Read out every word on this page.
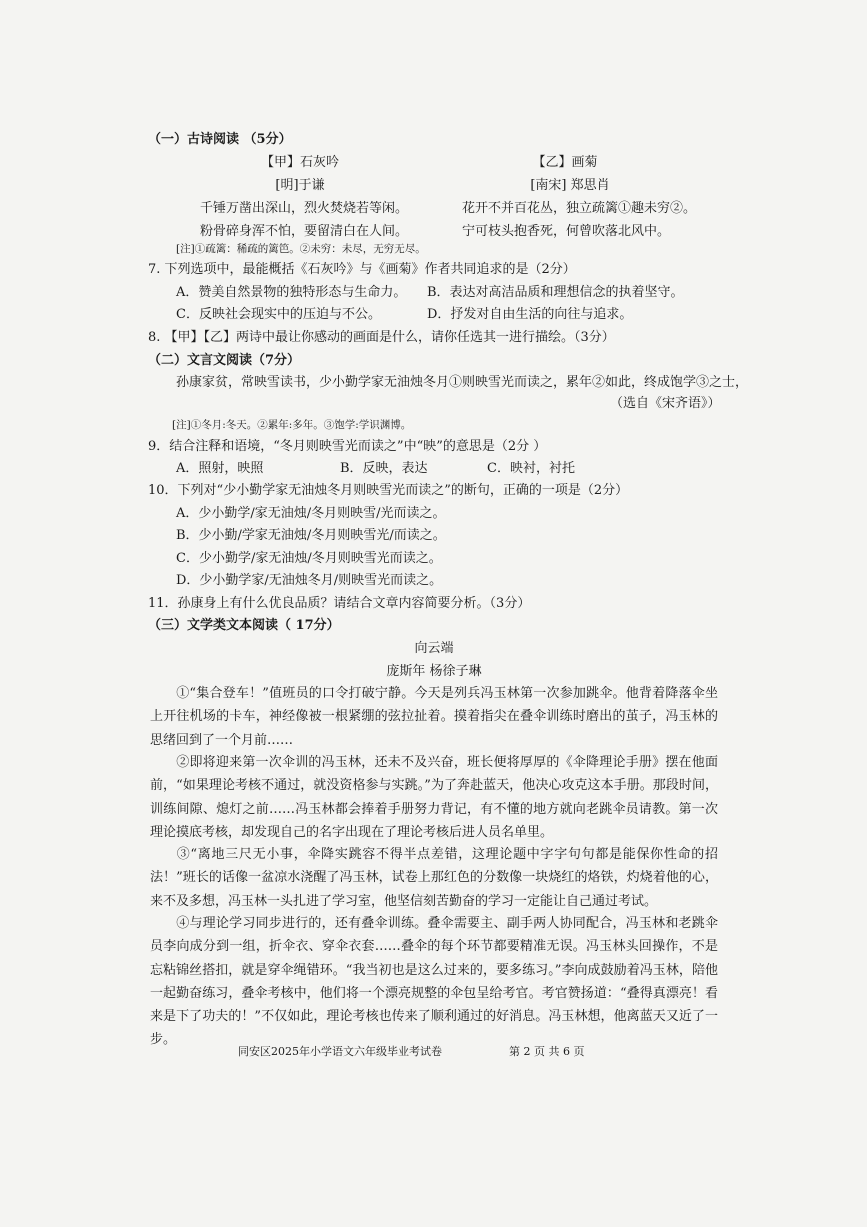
（一）古诗阅读 （5分）
【甲】石灰吟
[明]于谦
千锤万凿出深山，烈火焚烧若等闲。
粉骨碎身浑不怕，要留清白在人间。
【乙】画菊
[南宋] 郑思肖
花开不并百花丛，独立疏篱①趣未穷②。
宁可枝头抱香死，何曾吹落北风中。
[注]①疏篱：稀疏的篱笆。②未穷：未尽，无穷无尽。
7. 下列选项中，最能概括《石灰吟》与《画菊》作者共同追求的是（2分）
A．赞美自然景物的独特形态与生命力。 B．表达对高洁品质和理想信念的执着坚守。
C．反映社会现实中的压迫与不公。	D．抒发对自由生活的向往与追求。
8. 【甲】【乙】两诗中最让你感动的画面是什么，请你任选其一进行描绘。（3分）
（二）文言文阅读（7分）
孙康家贫，常映雪读书，少小勤学家无油烛冬月①则映雪光而读之，累年②如此，终成饱学③之士，
（选自《宋齐语》）
[注]①冬月:冬天。②累年:多年。③饱学:学识渊博。
9．结合注释和语境，“冬月则映雪光而读之”中“映”的意思是（2分 ）
A．照射，映照	B．反映，表达	C．映衬，衬托
10．下列对“少小勤学家无油烛冬月则映雪光而读之”的断句，正确的一项是（2分）
A．少小勤学/家无油烛/冬月则映雪/光而读之。
B．少小勤/学家无油烛/冬月则映雪光/而读之。
C．少小勤学/家无油烛/冬月则映雪光而读之。
D．少小勤学家/无油烛冬月/则映雪光而读之。
11．孙康身上有什么优良品质？请结合文章内容简要分析。（3分）
（三）文学类文本阅读（ 17分）
向云端
庞斯年 杨徐子琳
①“集合登车！”值班员的口令打破宁静。今天是列兵冯玉林第一次参加跳伞。他背着降落伞坐上开往机场的卡车，神经像被一根紧绷的弦拉扯着。摸着指尖在叠伞训练时磨出的茧子，冯玉林的思绪回到了一个月前……
②即将迎来第一次伞训的冯玉林，还未不及兴奋，班长便将厚厚的《伞降理论手册》摆在他面前，“如果理论考核不通过，就没资格参与实跳。”为了奔赴蓝天，他决心攻克这本手册。那段时间，训练间隙、熄灯之前……冯玉林都会捧着手册努力背记，有不懂的地方就向老跳伞员请教。第一次理论摸底考核，却发现自己的名字出现在了理论考核后进人员名单里。
③“离地三尺无小事，伞降实跳容不得半点差错，这理论题中字字句句都是能保你性命的招法！”班长的话像一盆凉水浇醒了冯玉林，试卷上那红色的分数像一块烧红的烙铁，灼烧着他的心，来不及多想，冯玉林一头扎进了学习室，他坚信刻苦勤奋的学习一定能让自己通过考试。
④与理论学习同步进行的，还有叠伞训练。叠伞需要主、副手两人协同配合，冯玉林和老跳伞员李向成分到一组，折伞衣、穿伞衣套……叠伞的每个环节都要精准无误。冯玉林头回操作，不是忘粘锦丝搭扣，就是穿伞绳错环。“我当初也是这么过来的，要多练习。”李向成鼓励着冯玉林，陪他一起勤奋练习，叠伞考核中，他们将一个漂亮规整的伞包呈给考官。考官赞扬道：“叠得真漂亮！看来是下了功夫的！”不仅如此，理论考核也传来了顺利通过的好消息。冯玉林想，他离蓝天又近了一步。
同安区2025年小学语文六年级毕业考试卷	第 2 页 共 6 页
